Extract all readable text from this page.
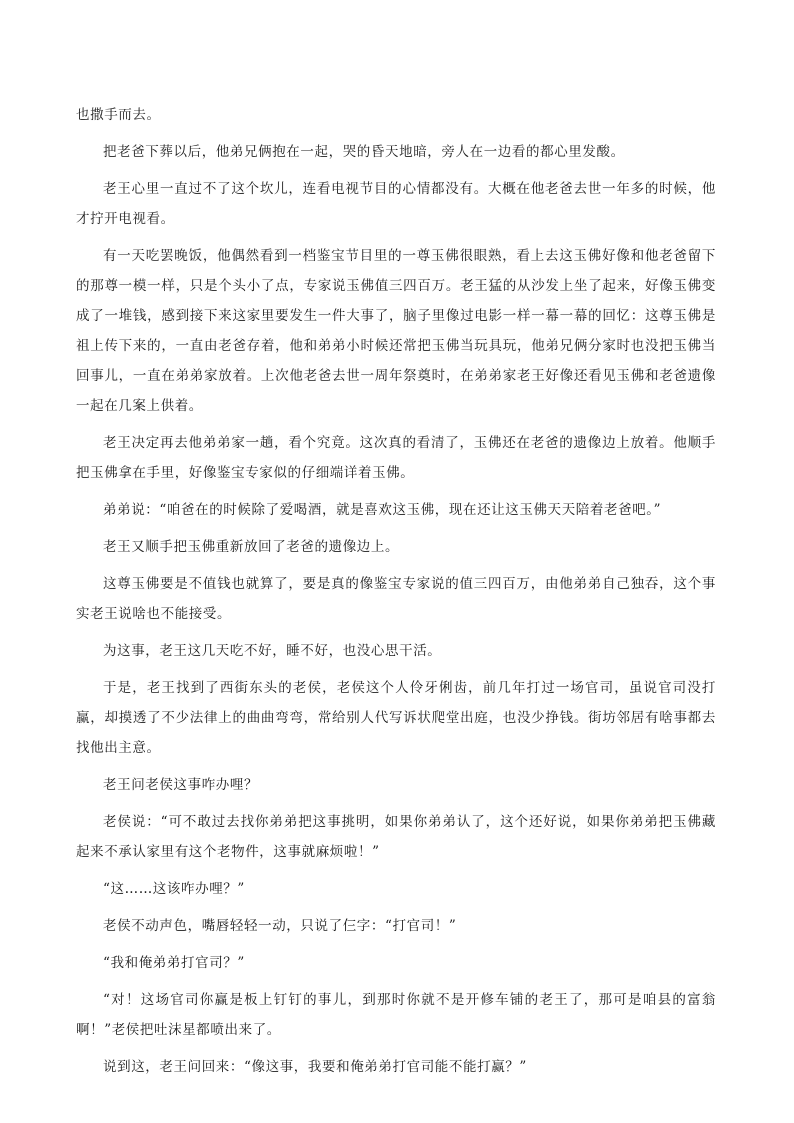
也撒手而去。

把老爸下葬以后，他弟兄俩抱在一起，哭的昏天地暗，旁人在一边看的都心里发酸。

老王心里一直过不了这个坎儿，连看电视节目的心情都没有。大概在他老爸去世一年多的时候，他才拧开电视看。

有一天吃罢晚饭，他偶然看到一档鉴宝节目里的一尊玉佛很眼熟，看上去这玉佛好像和他老爸留下的那尊一模一样，只是个头小了点，专家说玉佛值三四百万。老王猛的从沙发上坐了起来，好像玉佛变成了一堆钱，感到接下来这家里要发生一件大事了，脑子里像过电影一样一幕一幕的回忆：这尊玉佛是祖上传下来的，一直由老爸存着，他和弟弟小时候还常把玉佛当玩具玩，他弟兄俩分家时也没把玉佛当回事儿，一直在弟弟家放着。上次他老爸去世一周年祭奠时，在弟弟家老王好像还看见玉佛和老爸遗像一起在几案上供着。

老王决定再去他弟弟家一趟，看个究竟。这次真的看清了，玉佛还在老爸的遗像边上放着。他顺手把玉佛拿在手里，好像鉴宝专家似的仔细端详着玉佛。

弟弟说：“咱爸在的时候除了爱喝酒，就是喜欢这玉佛，现在还让这玉佛天天陪着老爸吧。”

老王又顺手把玉佛重新放回了老爸的遗像边上。

这尊玉佛要是不值钱也就算了，要是真的像鉴宝专家说的值三四百万，由他弟弟自己独吞，这个事实老王说啥也不能接受。

为这事，老王这几天吃不好，睡不好，也没心思干活。

于是，老王找到了西街东头的老侯，老侯这个人伶牙俐齿，前几年打过一场官司，虽说官司没打赢，却摸透了不少法律上的曲曲弯弯，常给别人代写诉状爬堂出庭，也没少挣钱。街坊邻居有啥事都去找他出主意。

老王问老侯这事咋办哩？

老侯说：“可不敢过去找你弟弟把这事挑明，如果你弟弟认了，这个还好说，如果你弟弟把玉佛藏起来不承认家里有这个老物件，这事就麻烦啦！”

“这……这该咋办哩？”

老侯不动声色，嘴唇轻轻一动，只说了仨字：“打官司！”

“我和俺弟弟打官司？”

“对！这场官司你赢是板上钉钉的事儿，到那时你就不是开修车铺的老王了，那可是咱县的富翁啊！”老侯把吐沫星都喷出来了。

说到这，老王问回来：“像这事，我要和俺弟弟打官司能不能打赢？”
